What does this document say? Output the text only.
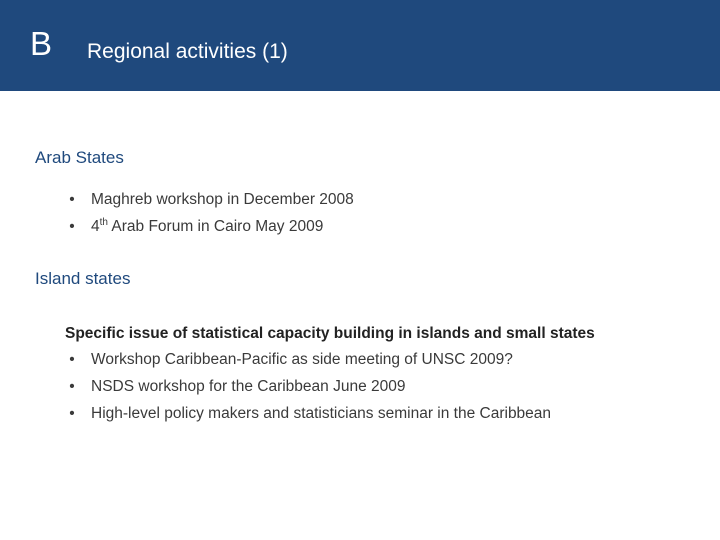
B Regional activities (1)
Arab States
• Maghreb workshop in December 2008
• 4th Arab Forum in Cairo May 2009
Island states
Specific issue of statistical capacity building in islands and small states
• Workshop Caribbean-Pacific as side meeting of UNSC 2009?
• NSDS workshop for the Caribbean June 2009
• High-level policy makers and statisticians seminar in the Caribbean
